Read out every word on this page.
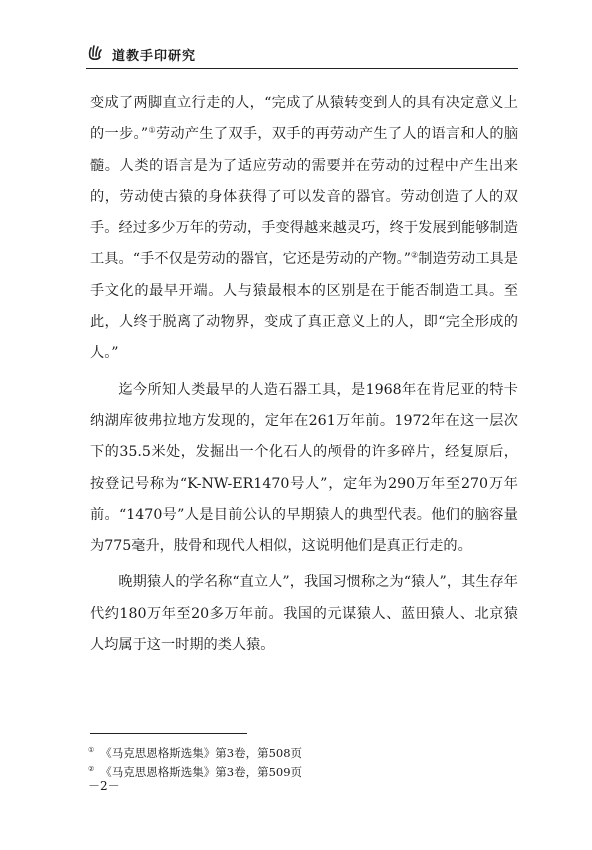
道教手印研究

变成了两脚直立行走的人，“完成了从猿转变到人的具有决定意义上的一步。”①劳动产生了双手，双手的再劳动产生了人的语言和人的脑髓。人类的语言是为了适应劳动的需要并在劳动的过程中产生出来的，劳动使古猿的身体获得了可以发音的器官。劳动创造了人的双手。经过多少万年的劳动，手变得越来越灵巧，终于发展到能够制造工具。“手不仅是劳动的器官，它还是劳动的产物。”②制造劳动工具是手文化的最早开端。人与猿最根本的区别是在于能否制造工具。至此，人终于脱离了动物界，变成了真正意义上的人，即“完全形成的人。”

迄今所知人类最早的人造石器工具，是1968年在肯尼亚的特卡纳湖库彼弗拉地方发现的，定年在261万年前。1972年在这一层次下的35.5米处，发掘出一个化石人的颅骨的许多碎片，经复原后，按登记号称为“K-NW-ER1470号人”，定年为290万年至270万年前。“1470号”人是目前公认的早期猿人的典型代表。他们的脑容量为775毫升，肢骨和现代人相似，这说明他们是真正行走的。

晚期猿人的学名称“直立人”，我国习惯称之为“猿人”，其生存年代约180万年至20多万年前。我国的元谋猿人、蓝田猿人、北京猿人均属于这一时期的类人猿。

① 《马克思恩格斯选集》第3卷，第508页
② 《马克思恩格斯选集》第3卷，第509页
－2－
